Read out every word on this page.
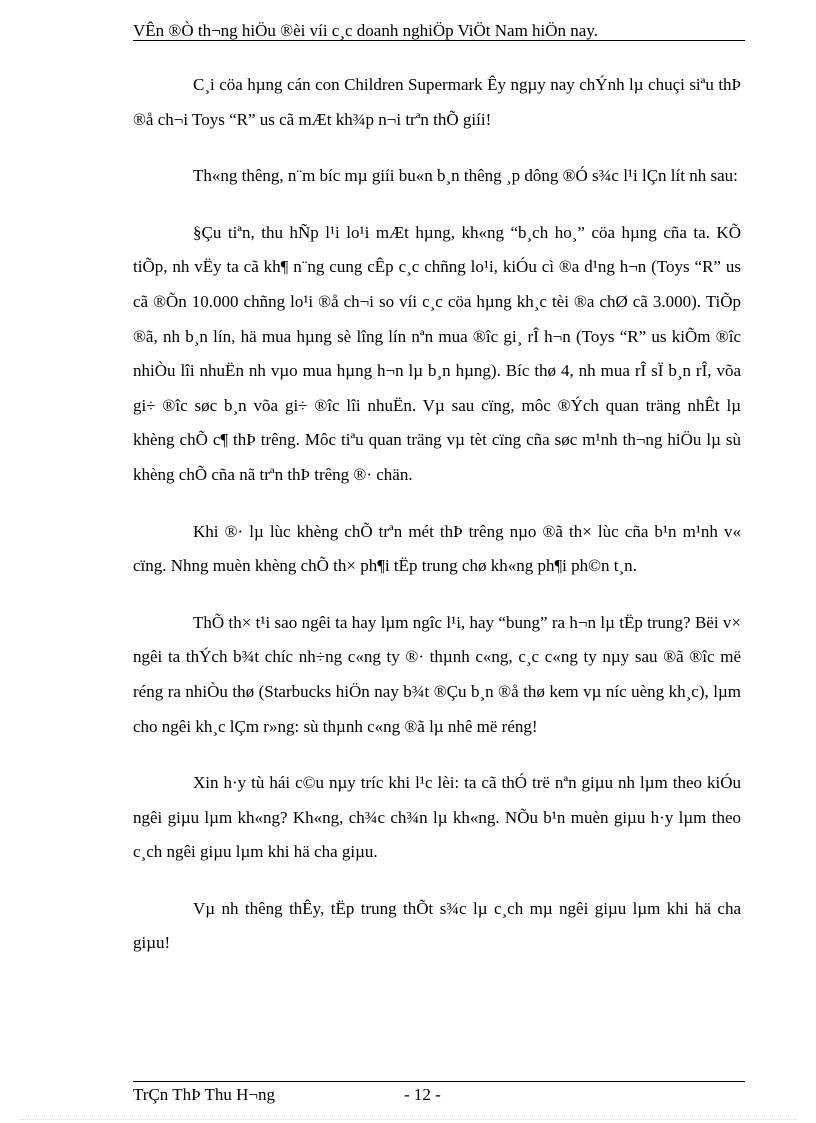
VÊn ®Ò th¬ng hiÖu ®èi víi c¸c doanh nghiÖp ViÖt Nam hiÖn nay.

C¸i cöa hµng cán con Children Supermark Êy ngµy nay chÝnh lµ chuçi siªu thÞ ®å ch¬i Toys “R” us cã mÆt kh¾p n¬i trªn thÕ giíi!

Th«ng thêng, n¨m bíc mµ giíi bu«n b¸n thêng ¸p dông ®Ó s¾c l¹i lÇn lít nh sau:

§Çu tiªn, thu hÑp l¹i lo¹i mÆt hµng, kh«ng “b¸ch ho¸” cöa hµng cña ta. KÕ tiÕp, nh vËy ta cã kh¶ n¨ng cung cÊp c¸c chñng lo¹i, kiÓu cì ®a d¹ng h¬n (Toys “R” us cã ®Õn 10.000 chñng lo¹i ®å ch¬i so víi c¸c cöa hµng kh¸c tèi ®a chØ cã 3.000). TiÕp ®ã, nh b¸n lín, hä mua hµng sè lîng lín nªn mua ®îc gi¸ rÎ h¬n (Toys “R” us kiÕm ®îc nhiÒu lîi nhuËn nh vµo mua hµng h¬n lµ b¸n hµng). Bíc thø 4, nh mua rÎ sÏ b¸n rÎ, võa gi÷ ®îc søc b¸n võa gi÷ ®îc lîi nhuËn. Vµ sau cïng, môc ®Ých quan träng nhÊt lµ khèng chÕ c¶ thÞ trêng. Môc tiªu quan träng vµ tèt cïng cña søc m¹nh th¬ng hiÖu lµ sù khèng chÕ cña nã trªn thÞ trêng ®· chän.

Khi ®· lµ lùc khèng chÕ trªn mét thÞ trêng nµo ®ã th× lùc cña b¹n m¹nh v« cïng. Nhng muèn khèng chÕ th× ph¶i tËp trung chø kh«ng ph¶i ph©n t¸n.

ThÕ th× t¹i sao ngêi ta hay lµm ngîc l¹i, hay “bung” ra h¬n lµ tËp trung? Bëi v× ngêi ta thÝch b¾t chíc nh÷ng c«ng ty ®· thµnh c«ng, c¸c c«ng ty nµy sau ®ã ®îc më réng ra nhiÒu thø (Starbucks hiÖn nay b¾t ®Çu b¸n ®å thø kem vµ níc uèng kh¸c), lµm cho ngêi kh¸c lÇm r»ng: sù thµnh c«ng ®ã lµ nhê më réng!

Xin h·y tù hái c©u nµy tríc khi l¹c lèi: ta cã thÓ trë nªn giµu nh lµm theo kiÓu ngêi giµu lµm kh«ng? Kh«ng, ch¾c ch¾n lµ kh«ng. NÕu b¹n muèn giµu h·y lµm theo c¸ch ngêi giµu lµm khi hä cha giµu.

Vµ nh thêng thÊy, tËp trung thÕt s¾c lµ c¸ch mµ ngêi giµu lµm khi hä cha giµu!

TrÇn ThÞ Thu H¬ng	- 12 -
